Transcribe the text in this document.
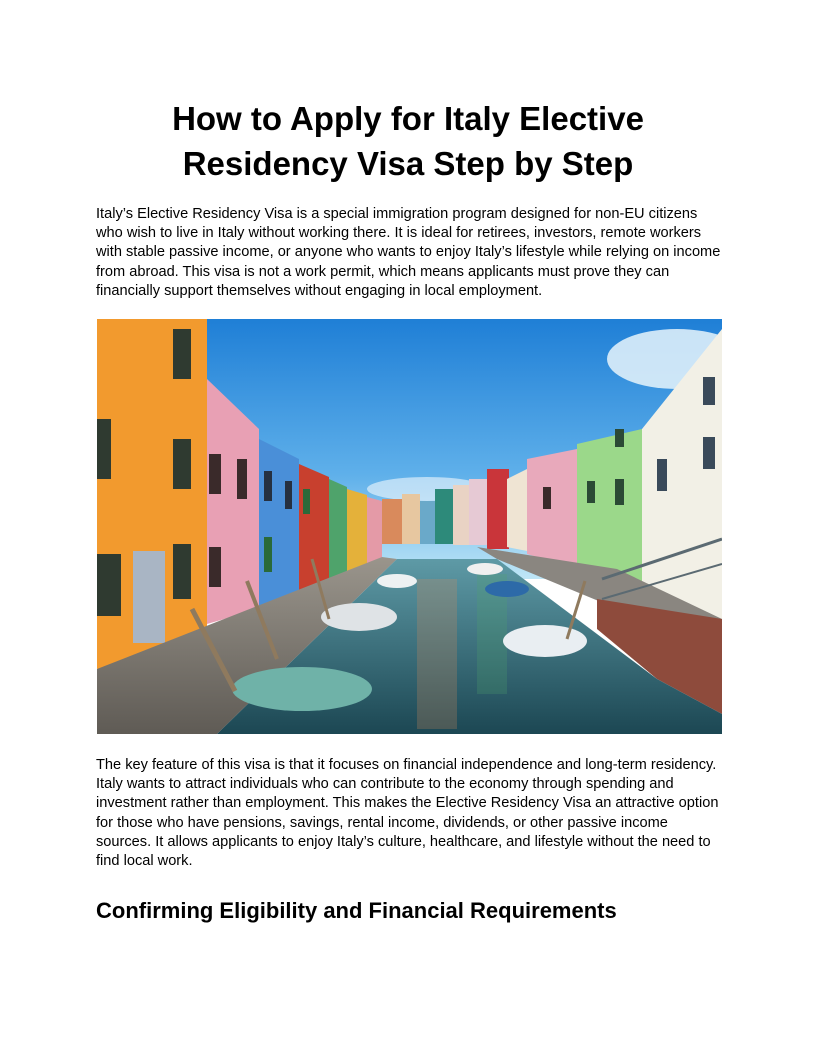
How to Apply for Italy Elective
Residency Visa Step by Step

Italy’s Elective Residency Visa is a special immigration program designed for non-EU citizens who wish to live in Italy without working there. It is ideal for retirees, investors, remote workers with stable passive income, or anyone who wants to enjoy Italy’s lifestyle while relying on income from abroad. This visa is not a work permit, which means applicants must prove they can financially support themselves without engaging in local employment.

The key feature of this visa is that it focuses on financial independence and long-term residency. Italy wants to attract individuals who can contribute to the economy through spending and investment rather than employment. This makes the Elective Residency Visa an attractive option for those who have pensions, savings, rental income, dividends, or other passive income sources. It allows applicants to enjoy Italy’s culture, healthcare, and lifestyle without the need to find local work.

Confirming Eligibility and Financial Requirements
